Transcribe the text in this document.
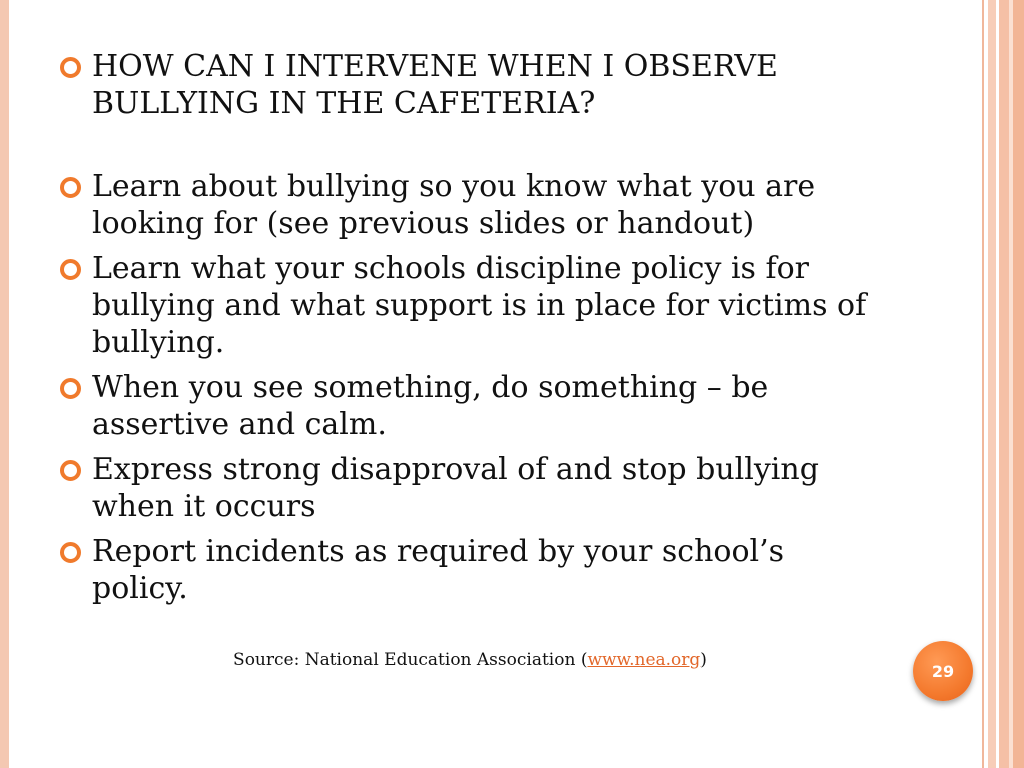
HOW CAN I INTERVENE WHEN I OBSERVE BULLYING IN THE CAFETERIA?
Learn about bullying so you know what you are looking for (see previous slides or handout)
Learn what your schools discipline policy is for bullying and what support is in place for victims of bullying.
When you see something, do something – be assertive and calm.
Express strong disapproval of and stop bullying when it occurs
Report incidents as required by your school’s policy.
Source: National Education Association (www.nea.org)
29
